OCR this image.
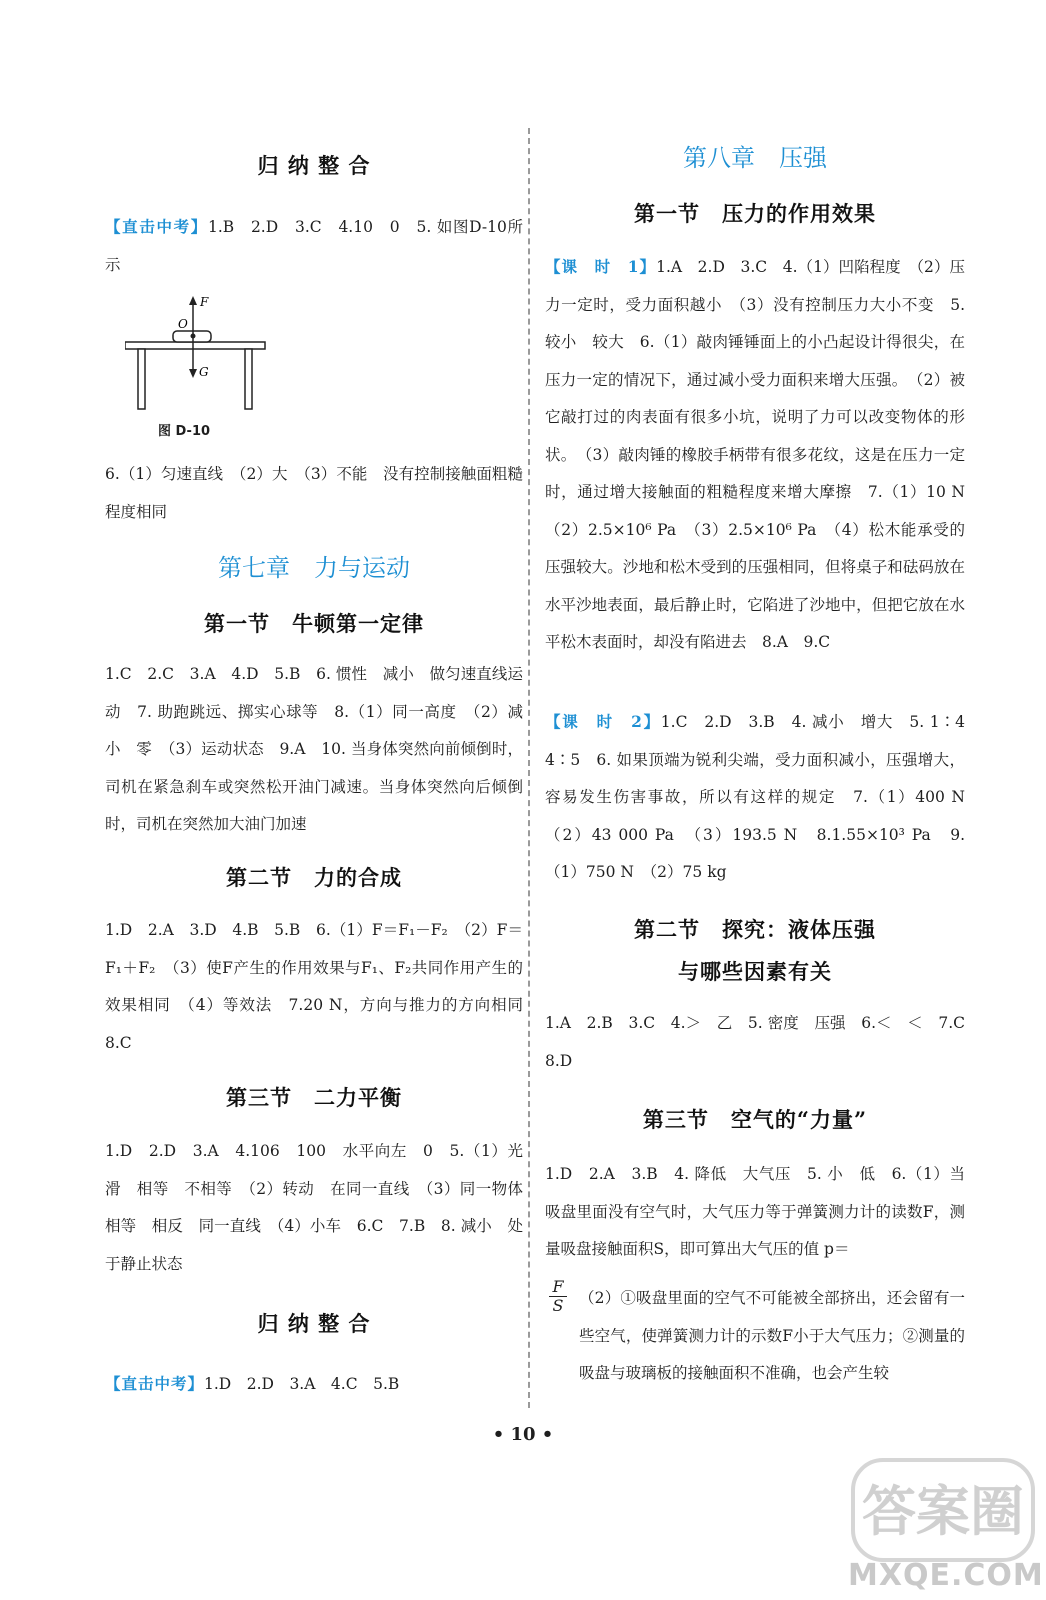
归 纳 整 合
【直击中考】1.B　2.D　3.C　4.10　0　5. 如图D-10所示
6.（1）匀速直线　（2）大　（3）不能　没有控制接触面粗糙程度相同
第七章　力与运动
第一节　牛顿第一定律
1.C　2.C　3.A　4.D　5.B　6. 惯性　减小　做匀速直线运动　7. 助跑跳远、掷实心球等　8.（1）同一高度　（2）减小　零　（3）运动状态　9.A　10. 当身体突然向前倾倒时，司机在紧急刹车或突然松开油门减速。当身体突然向后倾倒时，司机在突然加大油门加速
第二节　力的合成
1.D　2.A　3.D　4.B　5.B　6.（1）F＝F₁－F₂　（2）F＝F₁＋F₂　（3）使F产生的作用效果与F₁、F₂共同作用产生的效果相同　（4）等效法　7.20 N，方向与推力的方向相同　8.C
第三节　二力平衡
1.D　2.D　3.A　4.106　100　水平向左　0　5.（1）光滑　相等　不相等　（2）转动　在同一直线　（3）同一物体　相等　相反　同一直线　（4）小车　6.C　7.B　8. 减小　处于静止状态
归 纳 整 合
【直击中考】1.D　2.D　3.A　4.C　5.B
F
O
G
图 D-10
第八章　压强
第一节　压力的作用效果
【课　时　1】1.A　2.D　3.C　4.（1）凹陷程度　（2）压力一定时，受力面积越小　（3）没有控制压力大小不变　5. 较小　较大　6.（1）敲肉锤锤面上的小凸起设计得很尖，在压力一定的情况下，通过减小受力面积来增大压强。　（2）被它敲打过的肉表面有很多小坑，说明了力可以改变物体的形状。　（3）敲肉锤的橡胶手柄带有很多花纹，这是在压力一定时，通过增大接触面的粗糙程度来增大摩擦　7.（1）10 N　（2）2.5×10⁶ Pa　（3）2.5×10⁶ Pa　（4）松木能承受的压强较大。沙地和松木受到的压强相同，但将桌子和砝码放在水平沙地表面，最后静止时，它陷进了沙地中，但把它放在水平松木表面时，却没有陷进去　8.A　9.C
【课　时　2】1.C　2.D　3.B　4. 减小　增大　5. 1∶4　4∶5　6. 如果顶端为锐利尖端，受力面积减小，压强增大，容易发生伤害事故，所以有这样的规定　7.（1）400 N　（2）43 000 Pa　（3）193.5 N　8.1.55×10³ Pa　9.（1）750 N　（2）75 kg
第二节　探究：液体压强
与哪些因素有关
1.A　2.B　3.C　4.＞　乙　5. 密度　压强　6.＜　＜　7.C　8.D
第三节　空气的“力量”
1.D　2.A　3.B　4. 降低　大气压　5. 小　低　6.（1）当吸盘里面没有空气时，大气压力等于弹簧测力计的读数F，测量吸盘接触面积S，即可算出大气压的值 p＝
（2）①吸盘里面的空气不可能被全部挤出，还会留有一些空气，使弹簧测力计的示数F小于大气压力；②测量的吸盘与玻璃板的接触面积不准确，也会产生较
$\frac{F}{S}$
• 10 •
答案圈
MXQE.COM
